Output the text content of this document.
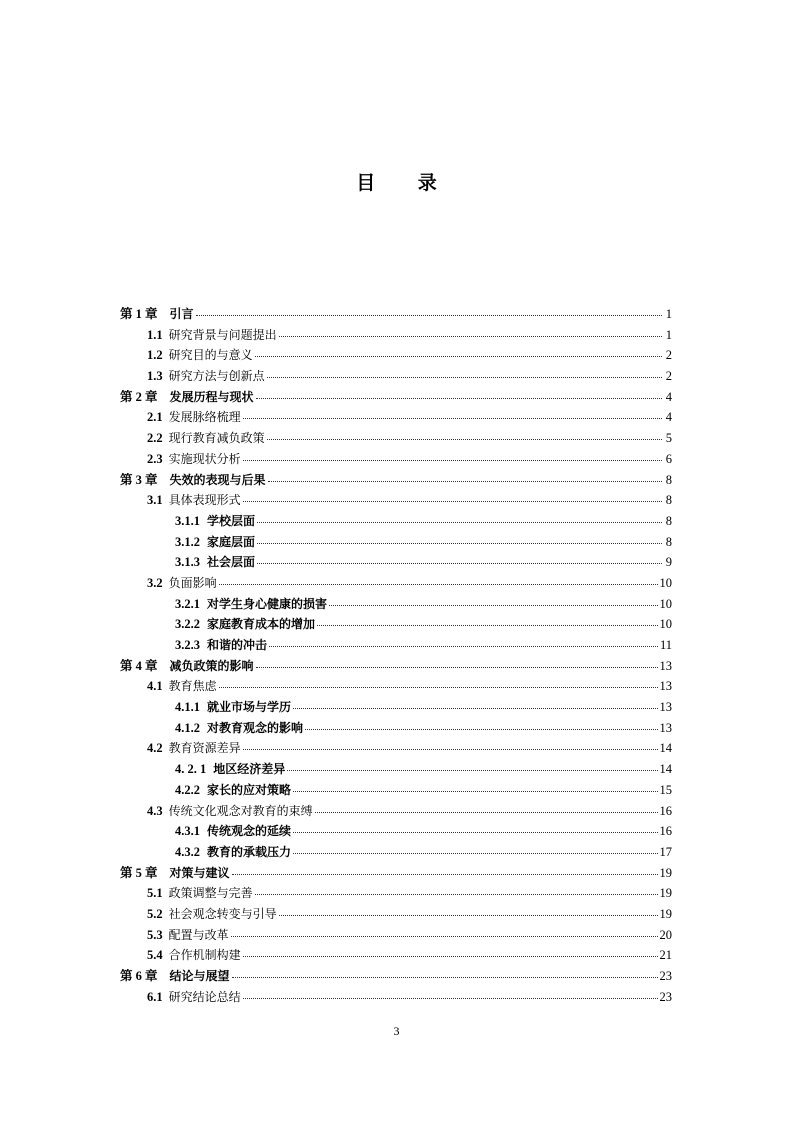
目 录
第 1 章 引言	1
1.1 研究背景与问题提出	1
1.2 研究目的与意义	2
1.3 研究方法与创新点	2
第 2 章 发展历程与现状	4
2.1 发展脉络梳理	4
2.2 现行教育减负政策	5
2.3 实施现状分析	6
第 3 章 失效的表现与后果	8
3.1 具体表现形式	8
3.1.1 学校层面	8
3.1.2 家庭层面	8
3.1.3 社会层面	9
3.2 负面影响	10
3.2.1 对学生身心健康的损害	10
3.2.2 家庭教育成本的增加	10
3.2.3 和谐的冲击	11
第 4 章 减负政策的影响	13
4.1 教育焦虑	13
4.1.1 就业市场与学历	13
4.1.2 对教育观念的影响	13
4.2 教育资源差异	14
4. 2. 1 地区经济差异	14
4.2.2 家长的应对策略	15
4.3 传统文化观念对教育的束缚	16
4.3.1 传统观念的延续	16
4.3.2 教育的承载压力	17
第 5 章 对策与建议	19
5.1 政策调整与完善	19
5.2 社会观念转变与引导	19
5.3 配置与改革	20
5.4 合作机制构建	21
第 6 章 结论与展望	23
6.1 研究结论总结	23
3
